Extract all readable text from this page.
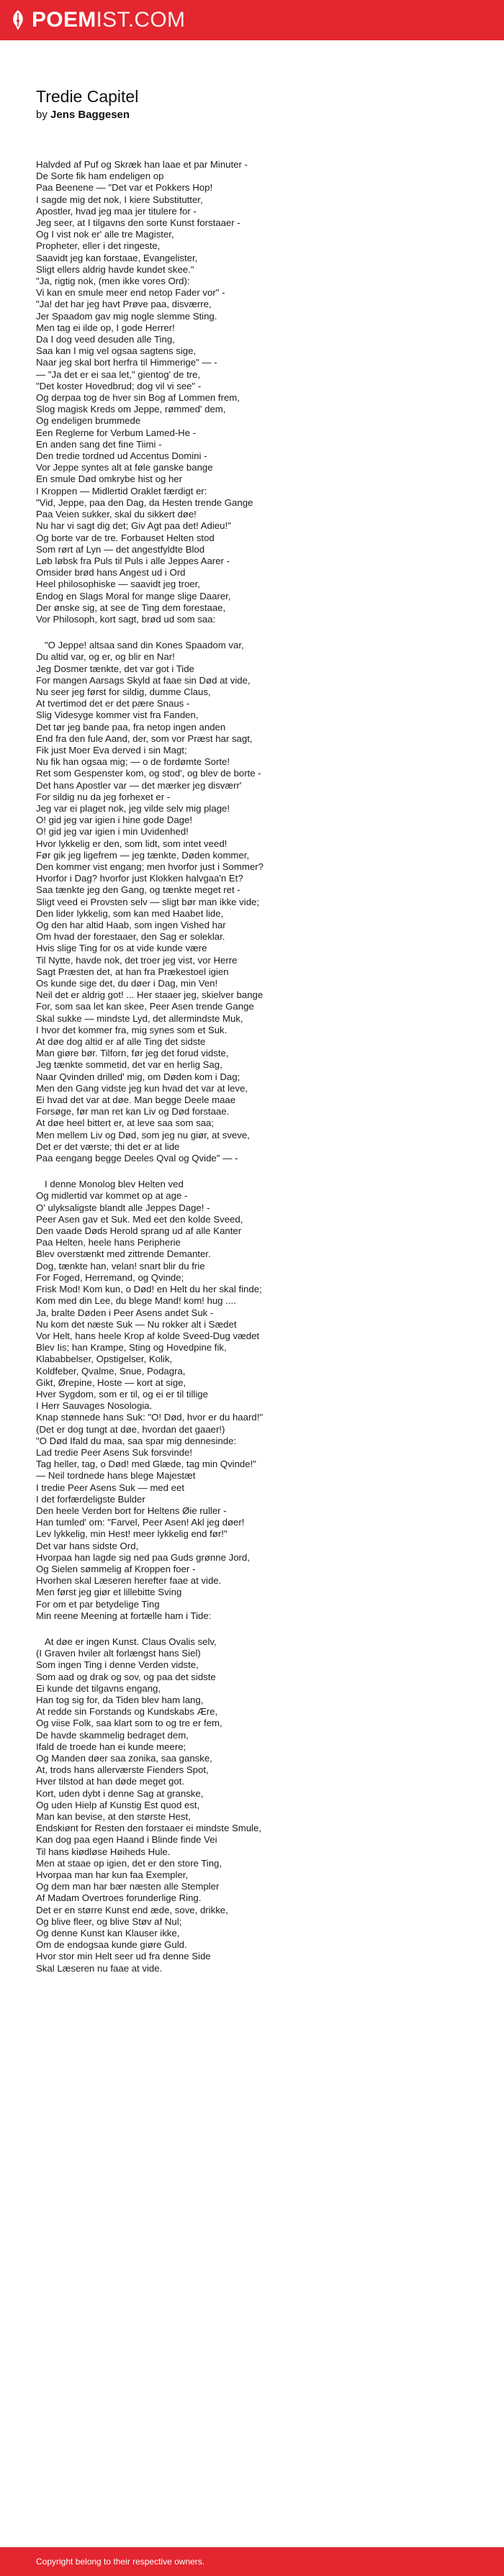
POEMIST.COM
Tredie Capitel
by Jens Baggesen
Halvded af Puf og Skræk han laae et par Minuter -
De Sorte fik ham endeligen op
Paa Beenene — "Det var et Pokkers Hop!
I sagde mig det nok, I kiere Substitutter,
Apostler, hvad jeg maa jer titulere for -
Jeg seer, at I tilgavns den sorte Kunst forstaaer -
Og I vist nok er' alle tre Magister,
Propheter, eller i det ringeste,
Saavidt jeg kan forstaae, Evangelister,
Sligt ellers aldrig havde kundet skee."
"Ja, rigtig nok, (men ikke vores Ord):
Vi kan en smule meer end netop Fader vor" -
"Ja! det har jeg havt Prøve paa, disværre,
Jer Spaadom gav mig nogle slemme Sting.
Men tag ei ilde op, I gode Herrer!
Da I dog veed desuden alle Ting,
Saa kan I mig vel ogsaa sagtens sige,
Naar jeg skal bort herfra til Himmerige" — -
— "Ja det er ei saa let," gientog' de tre,
"Det koster Hovedbrud; dog vil vi see" -
Og derpaa tog de hver sin Bog af Lommen frem,
Slog magisk Kreds om Jeppe, rømmed' dem,
Og endeligen brummede
Een Reglerne for Verbum Lamed-He -
En anden sang det fine Tiimi -
Den tredie tordned ud Accentus Domini -
Vor Jeppe syntes alt at føle ganske bange
En smule Død omkrybe hist og her
I Kroppen — Midlertid Oraklet færdigt er:
"Vid, Jeppe, paa den Dag, da Hesten trende Gange
Paa Veien sukker, skal du sikkert døe!
Nu har vi sagt dig det; Giv Agt paa det! Adieu!"
Og borte var de tre. Forbauset Helten stod
Som rørt af Lyn — det angestfyldte Blod
Løb løbsk fra Puls til Puls i alle Jeppes Aarer -
Omsider brød hans Angest ud i Ord
Heel philosophiske — saavidt jeg troer,
Endog en Slags Moral for mange slige Daarer,
Der ønske sig, at see de Ting dem forestaae,
Vor Philosoph, kort sagt, brød ud som saa:
"O Jeppe! altsaa sand din Kones Spaadom var,
Du altid var, og er, og blir en Nar!
Jeg Dosmer tænkte, det var got i Tide
For mangen Aarsags Skyld at faae sin Død at vide,
Nu seer jeg først for sildig, dumme Claus,
At tvertimod det er det pære Snaus -
Slig Videsyge kommer vist fra Fanden,
Det tør jeg bande paa, fra netop ingen anden
End fra den fule Aand, der, som vor Præst har sagt,
Fik just Moer Eva derved i sin Magt;
Nu fik han ogsaa mig; — o de fordømte Sorte!
Ret som Gespenster kom, og stod', og blev de borte -
Det hans Apostler var — det mærker jeg disværr'
For sildig nu da jeg forhexet er -
Jeg var ei plaget nok, jeg vilde selv mig plage!
O! gid jeg var igien i hine gode Dage!
O! gid jeg var igien i min Uvidenhed!
Hvor lykkelig er den, som lidt, som intet veed!
Før gik jeg ligefrem — jeg tænkte, Døden kommer,
Den kommer vist engang; men hvorfor just i Sommer?
Hvorfor i Dag? hvorfor just Klokken halvgaa'n Et?
Saa tænkte jeg den Gang, og tænkte meget ret -
Sligt veed ei Provsten selv — sligt bør man ikke vide;
Den lider lykkelig, som kan med Haabet lide,
Og den har altid Haab, som ingen Vished har
Om hvad der forestaaer, den Sag er soleklar.
Hvis slige Ting for os at vide kunde være
Til Nytte, havde nok, det troer jeg vist, vor Herre
Sagt Præsten det, at han fra Prækestoel igien
Os kunde sige det, du døer i Dag, min Ven!
Neil det er aldrig got! ... Her staaer jeg, skielver bange
For, som saa let kan skee, Peer Asen trende Gange
Skal sukke — mindste Lyd, det allermindste Muk,
I hvor det kommer fra, mig synes som et Suk.
At døe dog altid er af alle Ting det sidste
Man giøre bør. Tilforn, før jeg det forud vidste,
Jeg tænkte sommetid, det var en herlig Sag,
Naar Qvinden drilled' mig, om Døden kom i Dag;
Men den Gang vidste jeg kun hvad det var at leve,
Ei hvad det var at døe. Man begge Deele maae
Forsøge, før man ret kan Liv og Død forstaae.
At døe heel bittert er, at leve saa som saa;
Men mellem Liv og Død, som jeg nu giør, at sveve,
Det er det værste; thi det er at lide
Paa eengang begge Deeles Qval og Qvide" — -
I denne Monolog blev Helten ved
Og midlertid var kommet op at age -
O' ulyksaligste blandt alle Jeppes Dage! -
Peer Asen gav et Suk. Med eet den kolde Sveed,
Den vaade Døds Herold sprang ud af alle Kanter
Paa Helten, heele hans Peripherie
Blev overstænkt med zittrende Demanter.
Dog, tænkte han, velan! snart blir du frie
For Foged, Herremand, og Qvinde;
Frisk Mod! Kom kun, o Død! en Helt du her skal finde;
Kom med din Lee, du blege Mand! kom! hug ....
Ja, bralte Døden i Peer Asens andet Suk -
Nu kom det næste Suk — Nu rokker alt i Sædet
Vor Helt, hans heele Krop af kolde Sveed-Dug vædet
Blev Iis; han Krampe, Sting og Hovedpine fik,
Klababbelser, Opstigelser, Kolik,
Koldfeber, Qvalme, Snue, Podagra,
Gikt, Ørepine, Hoste — kort at sige,
Hver Sygdom, som er til, og ei er til tillige
I Herr Sauvages Nosologia.
Knap stønnede hans Suk: "O! Død, hvor er du haard!"
(Det er dog tungt at døe, hvordan det gaaer!)
"O Død Ifald du maa, saa spar mig dennesinde:
Lad tredie Peer Asens Suk forsvinde!
Tag heller, tag, o Død! med Glæde, tag min Qvinde!"
— Neil tordnede hans blege Majestæt
I tredie Peer Asens Suk — med eet
I det forfærdeligste Bulder
Den heele Verden bort for Heltens Øie ruller -
Han tumled' om: "Farvel, Peer Asen! Akl jeg døer!
Lev lykkelig, min Hest! meer lykkelig end før!"
Det var hans sidste Ord,
Hvorpaa han lagde sig ned paa Guds grønne Jord,
Og Sielen sømmelig af Kroppen foer -
Hvorhen skal Læseren herefter faae at vide.
Men først jeg giør et lillebitte Sving
For om et par betydelige Ting
Min reene Meening at fortælle ham i Tide:
At døe er ingen Kunst. Claus Ovalis selv,
(I Graven hviler alt forlængst hans Siel)
Som ingen Ting i denne Verden vidste,
Som aad og drak og sov, og paa det sidste
Ei kunde det tilgavns engang,
Han tog sig for, da Tiden blev ham lang,
At redde sin Forstands og Kundskabs Ære,
Og viise Folk, saa klart som to og tre er fem,
De havde skammelig bedraget dem,
Ifald de troede han ei kunde meere;
Og Manden døer saa zonika, saa ganske,
At, trods hans allerværste Fienders Spot,
Hver tilstod at han døde meget got.
Kort, uden dybt i denne Sag at granske,
Og uden Hielp af Kunstig Est quod est,
Man kan bevise, at den største Hest,
Endskiønt for Resten den forstaaer ei mindste Smule,
Kan dog paa egen Haand i Blinde finde Vei
Til hans kiødløse Høiheds Hule.
Men at staae op igien, det er den store Ting,
Hvorpaa man har kun faa Exempler,
Og dem man har bær næsten alle Stempler
Af Madam Overtroes forunderlige Ring.
Det er en større Kunst end æde, sove, drikke,
Og blive fleer, og blive Støv af Nul;
Og denne Kunst kan Klauser ikke,
Om de endogsaa kunde giøre Guld.
Hvor stor min Helt seer ud fra denne Side
Skal Læseren nu faae at vide.
Copyright belong to their respective owners.
